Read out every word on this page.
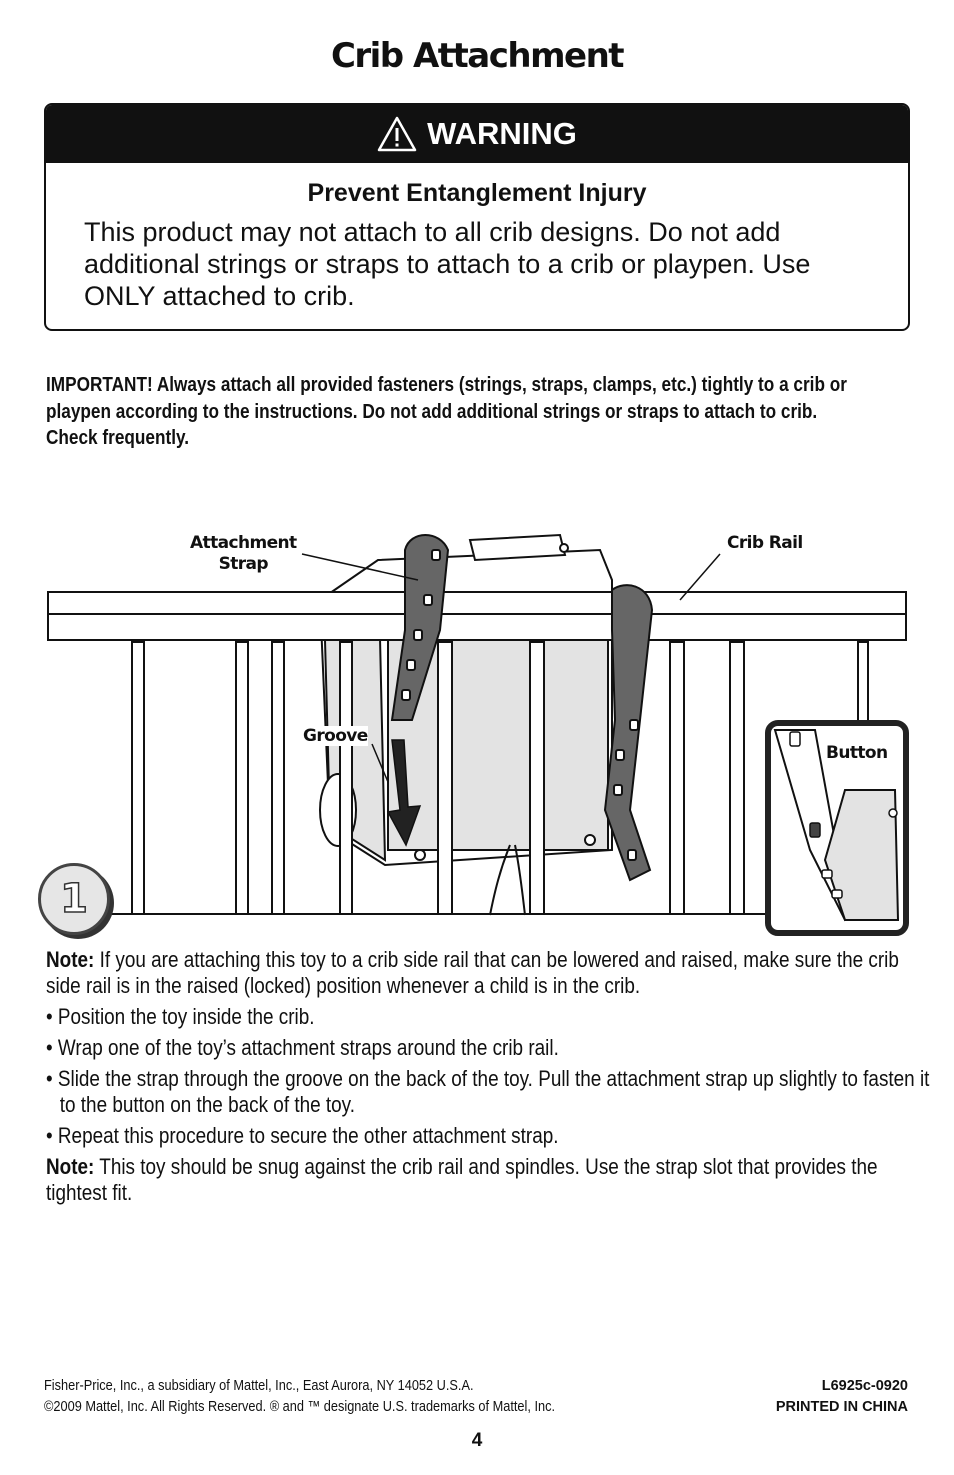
Crib Attachment
WARNING
Prevent Entanglement Injury
This product may not attach to all crib designs. Do not add additional strings or straps to attach to a crib or playpen. Use ONLY attached to crib.
IMPORTANT! Always attach all provided fasteners (strings, straps, clamps, etc.) tightly to a crib or playpen according to the instructions. Do not add additional strings or straps to attach to crib. Check frequently.
Attachment
Strap
Crib Rail
Groove
Button
1

Note: If you are attaching this toy to a crib side rail that can be lowered and raised, make sure the crib side rail is in the raised (locked) position whenever a child is in the crib.

• Position the toy inside the crib.

• Wrap one of the toy’s attachment straps around the crib rail.

• Slide the strap through the groove on the back of the toy. Pull the attachment strap up slightly to fasten it to the button on the back of the toy.

• Repeat this procedure to secure the other attachment strap.

Note: This toy should be snug against the crib rail and spindles. Use the strap slot that provides the tightest fit.

Fisher-Price, Inc., a subsidiary of Mattel, Inc., East Aurora, NY 14052 U.S.A.
©2009 Mattel, Inc. All Rights Reserved. ® and ™ designate U.S. trademarks of Mattel, Inc.
L6925c-0920
PRINTED IN CHINA
4
